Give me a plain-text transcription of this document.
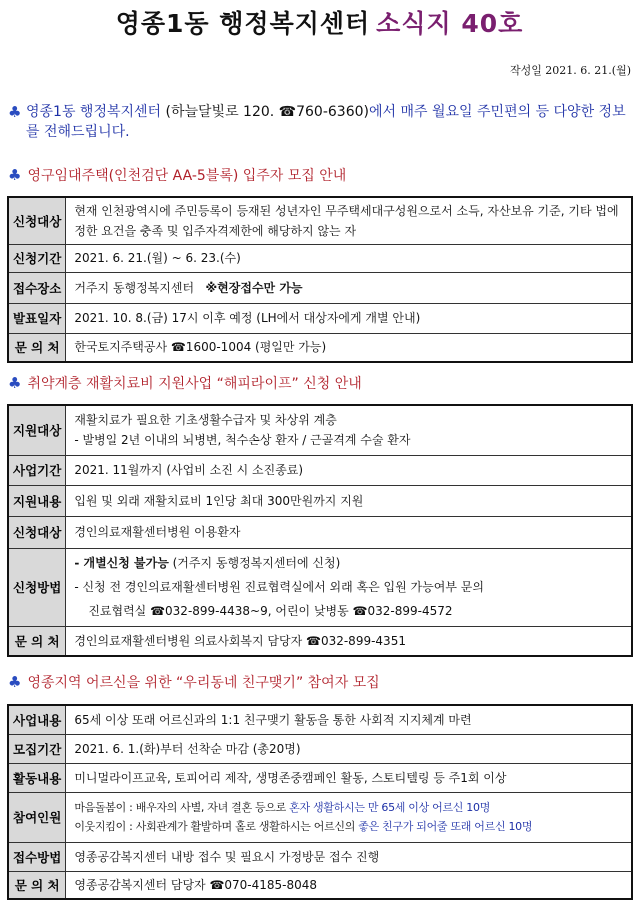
영종1동 행정복지센터 소식지 40호
작성일 2021. 6. 21.(월)
♣ 영종1동 행정복지센터 (하늘달빛로 120. ☎760-6360)에서 매주 월요일 주민편의 등 다양한 정보를 전해드립니다.
♣ 영구임대주택(인천검단 AA-5블록) 입주자 모집 안내
신청대상	현재 인천광역시에 주민등록이 등재된 성년자인 무주택세대구성원으로서 소득, 자산보유 기준, 기타 법에 정한 요건을 충족 및 입주자격제한에 해당하지 않는 자
신청기간	2021. 6. 21.(월) ~ 6. 23.(수)
접수장소	거주지 동행정복지센터 ※현장접수만 가능
발표일자	2021. 10. 8.(금) 17시 이후 예정 (LH에서 대상자에게 개별 안내)
문 의 처	한국토지주택공사 ☎1600-1004 (평일만 가능)
♣ 취약계층 재활치료비 지원사업 “해피라이프” 신청 안내
지원대상	재활치료가 필요한 기초생활수급자 및 차상위 계층
- 발병일 2년 이내의 뇌병변, 척수손상 환자 / 근골격계 수술 환자

사업기간	2021. 11월까지 (사업비 소진 시 소진종료)
지원내용	입원 및 외래 재활치료비 1인당 최대 300만원까지 지원
신청대상	경인의료재활센터병원 이용환자
신청방법	- 개별신청 불가능 (거주지 동행정복지센터에 신청)
- 신청 전 경인의료재활센터병원 진료협력실에서 외래 혹은 입원 가능여부 문의
진료협력실 ☎032-899-4438~9, 어린이 낮병동 ☎032-899-4572

문 의 처	경인의료재활센터병원 의료사회복지 담당자 ☎032-899-4351
♣ 영종지역 어르신을 위한 “우리동네 친구맺기” 참여자 모집
사업내용	65세 이상 또래 어르신과의 1:1 친구맺기 활동을 통한 사회적 지지체계 마련
모집기간	2021. 6. 1.(화)부터 선착순 마감 (총20명)
활동내용	미니멀라이프교육, 토피어리 제작, 생명존중캠페인 활동, 스토티텔링 등 주1회 이상
참여인원	마음돌봄이 : 배우자의 사별, 자녀 결혼 등으로 혼자 생활하시는 만 65세 이상 어르신 10명
이웃지킴이 : 사회관계가 활발하며 홀로 생활하시는 어르신의 좋은 친구가 되어줄 또래 어르신 10명

접수방법	영종공감복지센터 내방 접수 및 필요시 가정방문 접수 진행
문 의 처	영종공감복지센터 담당자 ☎070-4185-8048
